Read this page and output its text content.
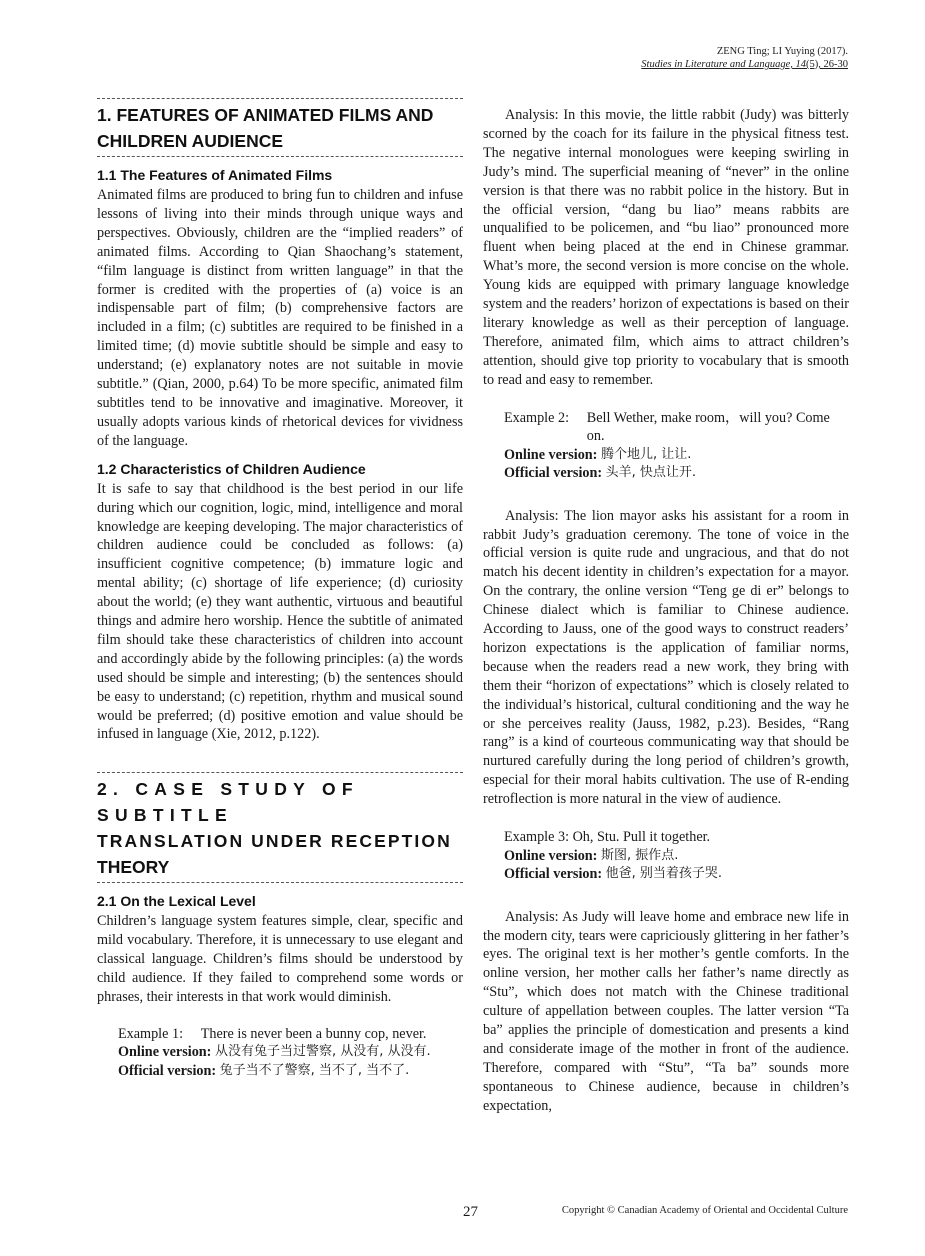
ZENG Ting; LI Yuying (2017).
Studies in Literature and Language, 14(5), 26-30
1. FEATURES OF ANIMATED FILMS AND CHILDREN AUDIENCE
1.1 The Features of Animated Films

Animated films are produced to bring fun to children and infuse lessons of living into their minds through unique ways and perspectives. Obviously, children are the “implied readers” of animated films. According to Qian Shaochang’s statement, “film language is distinct from written language” in that the former is credited with the properties of (a) voice is an indispensable part of film; (b) comprehensive factors are included in a film; (c) subtitles are required to be finished in a limited time; (d) movie subtitle should be simple and easy to understand; (e) explanatory notes are not suitable in movie subtitle.” (Qian, 2000, p.64) To be more specific, animated film subtitles tend to be innovative and imaginative. Moreover, it usually adopts various kinds of rhetorical devices for vividness of the language.

1.2 Characteristics of Children Audience

It is safe to say that childhood is the best period in our life during which our cognition, logic, mind, intelligence and moral knowledge are keeping developing. The major characteristics of children audience could be concluded as follows: (a) insufficient cognitive competence; (b) immature logic and mental ability; (c) shortage of life experience; (d) curiosity about the world; (e) they want authentic, virtuous and beautiful things and admire hero worship. Hence the subtitle of animated film should take these characteristics of children into account and accordingly abide by the following principles: (a) the words used should be simple and interesting; (b) the sentences should be easy to understand; (c) repetition, rhythm and musical sound would be preferred; (d) positive emotion and value should be infused in language (Xie, 2012, p.122).

2. CASE STUDY OF SUBTITLE
TRANSLATION UNDER RECEPTION
THEORY
2.1 On the Lexical Level

Children’s language system features simple, clear, specific and mild vocabulary. Therefore, it is unnecessary to use elegant and classical language. Children’s films should be understood by child audience. If they failed to comprehend some words or phrases, their interests in that work would diminish.

Example 1: There is never been a bunny cop, never.
Online version: 从没有兔子当过警察, 从没有, 从没有.
Official version: 兔子当不了警察, 当不了, 当不了.

Analysis: In this movie, the little rabbit (Judy) was bitterly scorned by the coach for its failure in the physical fitness test. The negative internal monologues were keeping swirling in Judy’s mind. The superficial meaning of “never” in the online version is that there was no rabbit police in the history. But in the official version, “dang bu liao” means rabbits are unqualified to be policemen, and “bu liao” pronounced more fluent when being placed at the end in Chinese grammar. What’s more, the second version is more concise on the whole. Young kids are equipped with primary language knowledge system and the readers’ horizon of expectations is based on their literary knowledge as well as their perception of language. Therefore, animated film, which aims to attract children’s attention, should give top priority to vocabulary that is smooth to read and easy to remember.

Example 2: Bell Wether, make room，will you? Come on.
Online version: 腾个地儿, 让让.
Official version: 头羊, 快点让开.

Analysis: The lion mayor asks his assistant for a room in rabbit Judy’s graduation ceremony. The tone of voice in the official version is quite rude and ungracious, and that do not match his decent identity in children’s expectation for a mayor. On the contrary, the online version “Teng ge di er” belongs to Chinese dialect which is familiar to Chinese audience. According to Jauss, one of the good ways to construct readers’ horizon expectations is the application of familiar norms, because when the readers read a new work, they bring with them their “horizon of expectations” which is closely related to the individual’s historical, cultural conditioning and the way he or she perceives reality (Jauss, 1982, p.23). Besides, “Rang rang” is a kind of courteous communicating way that should be nurtured carefully during the long period of children’s growth, especial for their moral habits cultivation. The use of R-ending retroflection is more natural in the view of audience.

Example 3: Oh, Stu. Pull it together.
Online version: 斯图, 振作点.
Official version: 他爸, 别当着孩子哭.

Analysis: As Judy will leave home and embrace new life in the modern city, tears were capriciously glittering in her father’s eyes. The original text is her mother’s gentle comforts. In the online version, her mother calls her father’s name directly as “Stu”, which does not match with the Chinese traditional culture of appellation between couples. The latter version “Ta ba” applies the principle of domestication and presents a kind and considerate image of the mother in front of the audience. Therefore, compared with “Stu”, “Ta ba” sounds more spontaneous to Chinese audience, because in children’s expectation,

27	Copyright © Canadian Academy of Oriental and Occidental Culture
